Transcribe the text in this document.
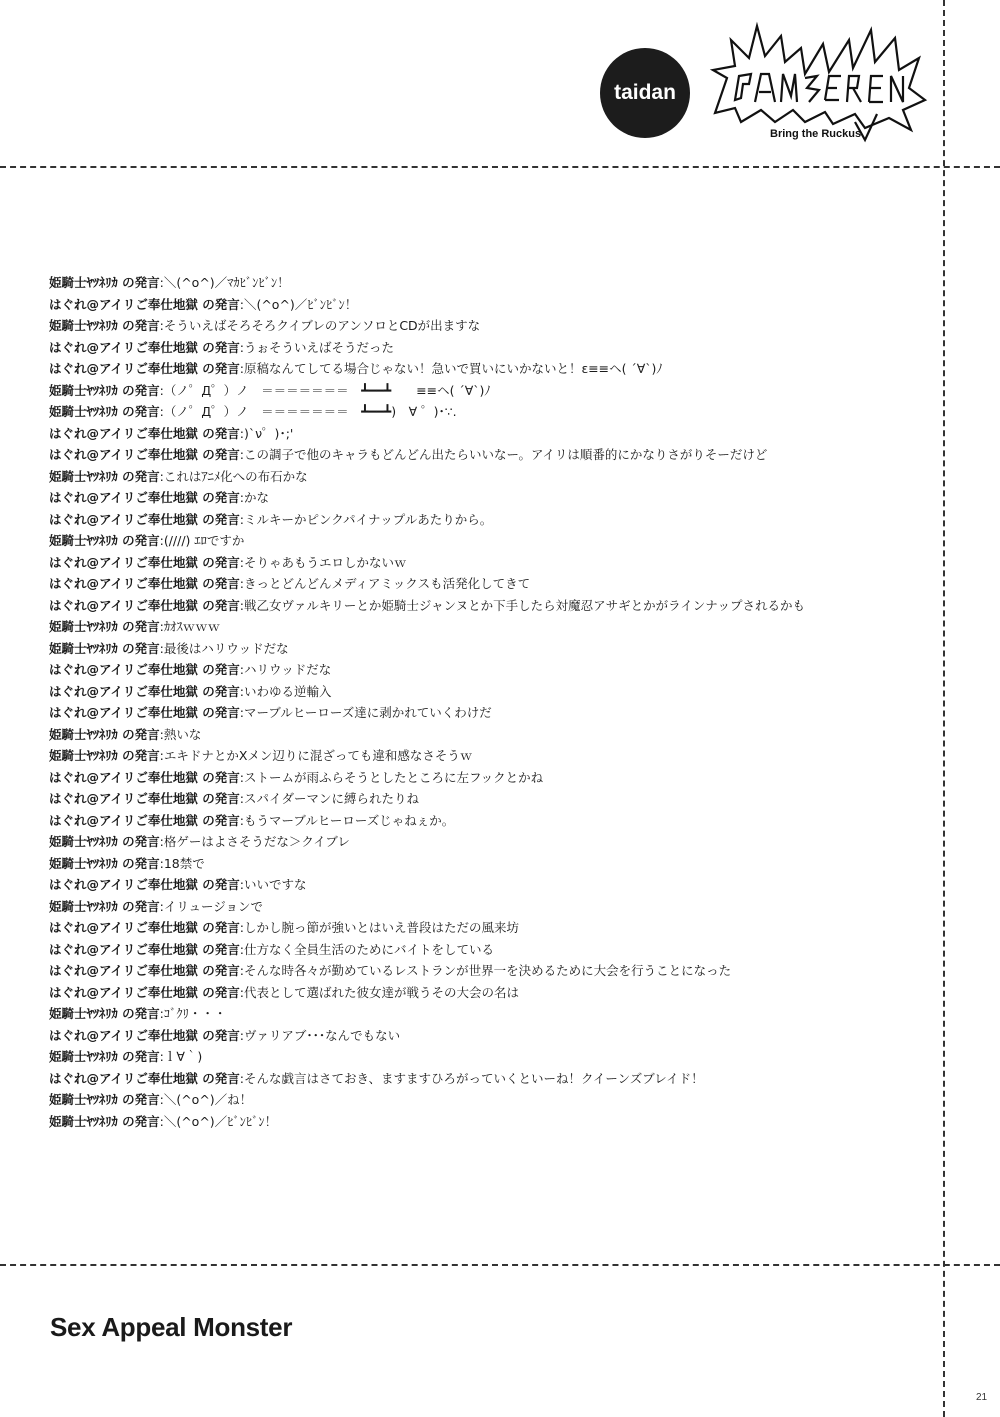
taidan
Bring the Ruckus
姫騎士ﾔﾂﾈﾘｶ の発言:＼(^o^)／ﾏｶﾋﾞﾝﾋﾞﾝ！
はぐれ@アイリご奉仕地獄 の発言:＼(^o^)／ﾋﾞﾝﾋﾞﾝ！
姫騎士ﾔﾂﾈﾘｶ の発言:そういえばそろそろクイブレのアンソロとCDが出ますな
はぐれ@アイリご奉仕地獄 の発言:うぉそういえばそうだった
はぐれ@アイリご奉仕地獄 の発言:原稿なんてしてる場合じゃない！急いで買いにいかないと！ε≡≡ヘ( ´∀`)ﾉ
姫騎士ﾔﾂﾈﾘｶ の発言:（ノ゜Д゜）ノ　＝＝＝＝＝＝＝　┻━━┻　　≡≡ヘ( ´∀`)ﾉ
姫騎士ﾔﾂﾈﾘｶ の発言:（ノ゜Д゜）ノ　＝＝＝＝＝＝＝　┻━━┻)　∀ ゜)･∵.
はぐれ@アイリご奉仕地獄 の発言:)`ν゜)･;'
はぐれ@アイリご奉仕地獄 の発言:この調子で他のキャラもどんどん出たらいいなー。アイリは順番的にかなりさがりそーだけど
姫騎士ﾔﾂﾈﾘｶ の発言:これはｱﾆﾒ化への布石かな
はぐれ@アイリご奉仕地獄 の発言:かな
はぐれ@アイリご奉仕地獄 の発言:ミルキーかピンクパイナップルあたりから。
姫騎士ﾔﾂﾈﾘｶ の発言:(////) ｴﾛですか
はぐれ@アイリご奉仕地獄 の発言:そりゃあもうエロしかないｗ
はぐれ@アイリご奉仕地獄 の発言:きっとどんどんメディアミックスも活発化してきて
はぐれ@アイリご奉仕地獄 の発言:戦乙女ヴァルキリーとか姫騎士ジャンヌとか下手したら対魔忍アサギとかがラインナップされるかも
姫騎士ﾔﾂﾈﾘｶ の発言:ｶｵｽｗｗｗ
姫騎士ﾔﾂﾈﾘｶ の発言:最後はハリウッドだな
はぐれ@アイリご奉仕地獄 の発言:ハリウッドだな
はぐれ@アイリご奉仕地獄 の発言:いわゆる逆輸入
はぐれ@アイリご奉仕地獄 の発言:マーブルヒーローズ達に剥かれていくわけだ
姫騎士ﾔﾂﾈﾘｶ の発言:熱いな
姫騎士ﾔﾂﾈﾘｶ の発言:エキドナとかXメン辺りに混ざっても違和感なさそうｗ
はぐれ@アイリご奉仕地獄 の発言:ストームが雨ふらそうとしたところに左フックとかね
はぐれ@アイリご奉仕地獄 の発言:スパイダーマンに縛られたりね
はぐれ@アイリご奉仕地獄 の発言:もうマーブルヒーローズじゃねぇか。
姫騎士ﾔﾂﾈﾘｶ の発言:格ゲーはよさそうだな＞クイブレ
姫騎士ﾔﾂﾈﾘｶ の発言:18禁で
はぐれ@アイリご奉仕地獄 の発言:いいですな
姫騎士ﾔﾂﾈﾘｶ の発言:イリュージョンで
はぐれ@アイリご奉仕地獄 の発言:しかし腕っ節が強いとはいえ普段はただの風来坊
はぐれ@アイリご奉仕地獄 の発言:仕方なく全員生活のためにバイトをしている
はぐれ@アイリご奉仕地獄 の発言:そんな時各々が勤めているレストランが世界一を決めるために大会を行うことになった
はぐれ@アイリご奉仕地獄 の発言:代表として選ばれた彼女達が戦うその大会の名は
姫騎士ﾔﾂﾈﾘｶ の発言:ｺﾞｸﾘ・・・
はぐれ@アイリご奉仕地獄 の発言:ヴァリアブ･･･なんでもない
姫騎士ﾔﾂﾈﾘｶ の発言:ｌ∀｀)
はぐれ@アイリご奉仕地獄 の発言:そんな戯言はさておき、ますますひろがっていくといーね！クイーンズブレイド！
姫騎士ﾔﾂﾈﾘｶ の発言:＼(^o^)／ね！
姫騎士ﾔﾂﾈﾘｶ の発言:＼(^o^)／ﾋﾞﾝﾋﾞﾝ！
Sex Appeal Monster
21
